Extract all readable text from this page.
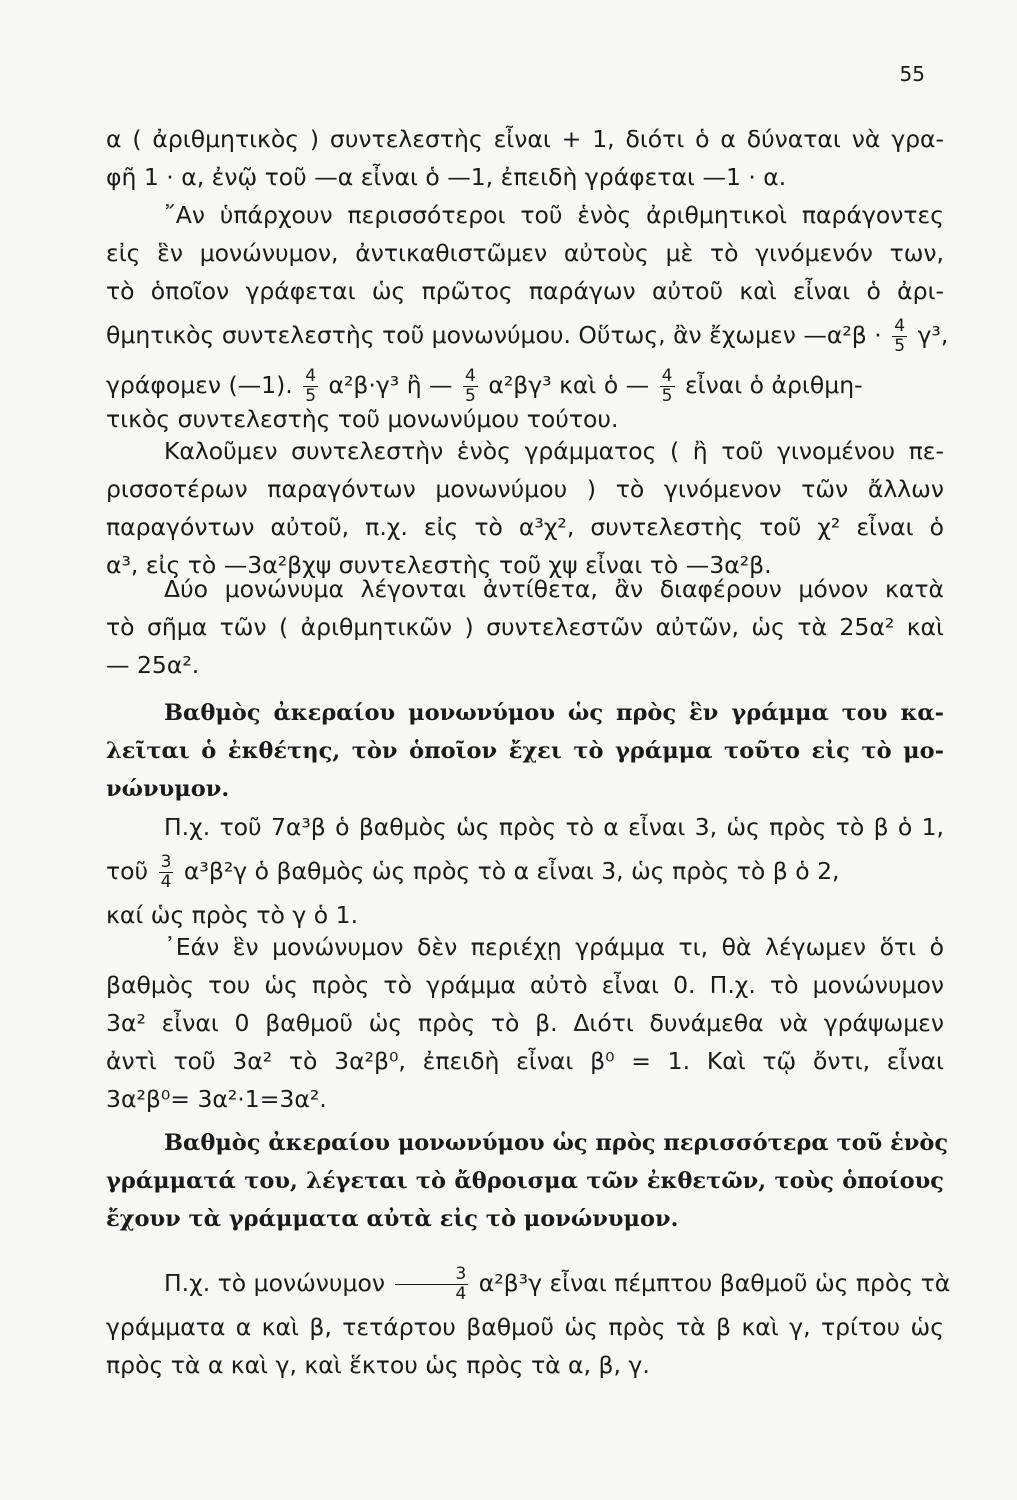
55
α ( ἀριθμητικὸς ) συντελεστὴς εἶναι + 1, διότι ὁ α δύναται νὰ γρα-
φῆ 1 · α, ἐνῷ τοῦ —α εἶναι ὁ —1, ἐπειδὴ γράφεται —1 · α.
῎Αν ὑπάρχουν περισσότεροι τοῦ ἑνὸς ἀριθμητικοὶ παράγοντες
εἰς ἓν μονώνυμον, ἀντικαθιστῶμεν αὐτοὺς μὲ τὸ γινόμενόν των,
τὸ ὁποῖον γράφεται ὡς πρῶτος παράγων αὐτοῦ καὶ εἶναι ὁ ἀρι-
θμητικὸς συντελεστὴς τοῦ μονωνύμου. Οὕτως, ἂν ἔχωμεν —α²β · $\frac{4}{5} \gamma^3$,
γράφομεν (—1). $\frac{4}{5} \alpha^2\beta\cdot\gamma^3$ ἢ — $\frac{4}{5} \alpha^2\beta\gamma^3$ καὶ ὁ — $\frac{4}{5}$ εἶναι ὁ ἀριθμη-
τικὸς συντελεστὴς τοῦ μονωνύμου τούτου.
Καλοῦμεν συντελεστὴν ἑνὸς γράμματος ( ἢ τοῦ γινομένου πε-
ρισσοτέρων παραγόντων μονωνύμου ) τὸ γινόμενον τῶν ἄλλων
παραγόντων αὐτοῦ, π.χ. εἰς τὸ α³χ², συντελεστὴς τοῦ χ² εἶναι ὁ
α³, εἰς τὸ —3α²βχψ συντελεστὴς τοῦ χψ εἶναι τὸ —3α²β.
Δύο μονώνυμα λέγονται ἀντίθετα, ἂν διαφέρουν μόνον κατὰ
τὸ σῆμα τῶν ( ἀριθμητικῶν ) συντελεστῶν αὐτῶν, ὡς τὰ 25α² καὶ
— 25α².
Βαθμὸς ἀκεραίου μονωνύμου ὡς πρὸς ἓν γράμμα του κα-
λεῖται ὁ ἐκθέτης, τὸν ὁποῖον ἔχει τὸ γράμμα τοῦτο εἰς τὸ μο-
νώνυμον.
Π.χ. τοῦ 7α³β ὁ βαθμὸς ὡς πρὸς τὸ α εἶναι 3, ὡς πρὸς τὸ β ὁ 1,
τοῦ $\frac{3}{4} \alpha^3\beta^2\gamma$ ὁ βαθμὸς ὡς πρὸς τὸ α εἶναι 3, ὡς πρὸς τὸ β ὁ 2,
καί ὡς πρὸς τὸ γ ὁ 1.
᾽Εάν ἓν μονώνυμον δὲν περιέχῃ γράμμα τι, θὰ λέγωμεν ὅτι ὁ
βαθμὸς του ὡς πρὸς τὸ γράμμα αὐτὸ εἶναι 0. Π.χ. τὸ μονώνυμον
3α² εἶναι 0 βαθμοῦ ὡς πρὸς τὸ β. Διότι δυνάμεθα νὰ γράψωμεν
ἀντὶ τοῦ 3α² τὸ 3α²β⁰, ἐπειδὴ εἶναι β⁰ = 1. Καὶ τῷ ὄντι, εἶναι
3α²β⁰= 3α²·1=3α².
Βαθμὸς ἀκεραίου μονωνύμου ὡς πρὸς περισσότερα τοῦ ἑνὸς
γράμματά του, λέγεται τὸ ἄθροισμα τῶν ἐκθετῶν, τοὺς ὁποίους
ἔχουν τὰ γράμματα αὐτὰ εἰς τὸ μονώνυμον.
Π.χ. τὸ μονώνυμον $\frac{3}{4} \alpha^2\beta^3\gamma$ εἶναι πέμπτου βαθμοῦ ὡς πρὸς τὰ
γράμματα α καὶ β, τετάρτου βαθμοῦ ὡς πρὸς τὰ β καὶ γ, τρίτου ὡς
πρὸς τὰ α καὶ γ, καὶ ἕκτου ὡς πρὸς τὰ α, β, γ.
